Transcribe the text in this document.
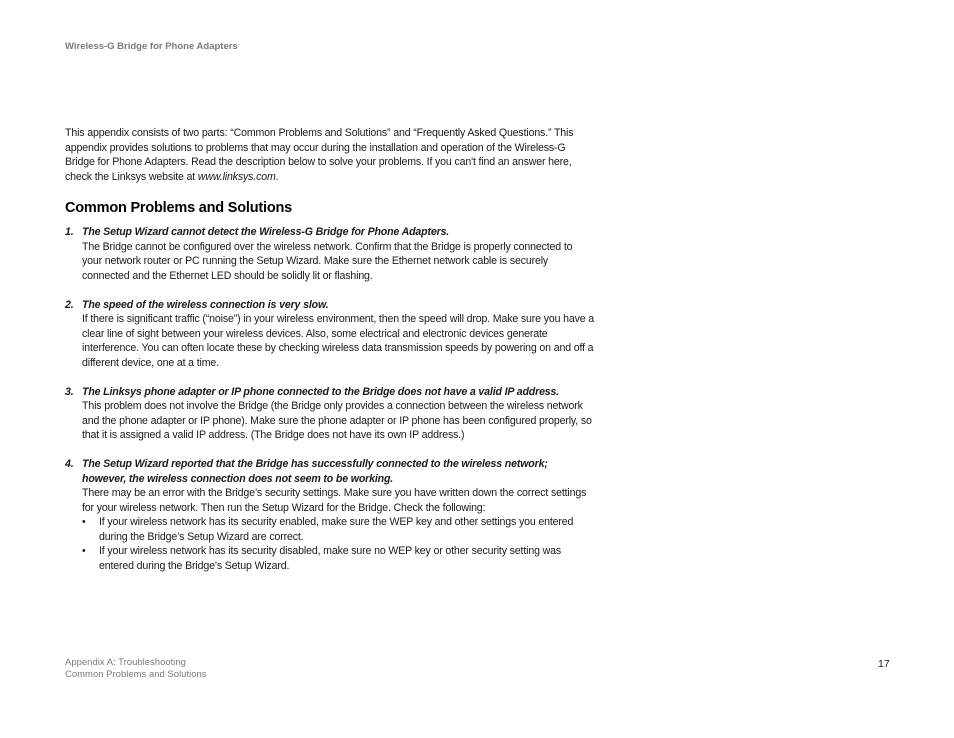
Wireless-G Bridge for Phone Adapters

This appendix consists of two parts: “Common Problems and Solutions” and “Frequently Asked Questions.” This appendix provides solutions to problems that may occur during the installation and operation of the Wireless-G Bridge for Phone Adapters. Read the description below to solve your problems. If you can't find an answer here, check the Linksys website at www.linksys.com.

Common Problems and Solutions
1. The Setup Wizard cannot detect the Wireless-G Bridge for Phone Adapters.

The Bridge cannot be configured over the wireless network. Confirm that the Bridge is properly connected to your network router or PC running the Setup Wizard. Make sure the Ethernet network cable is securely connected and the Ethernet LED should be solidly lit or flashing.

2. The speed of the wireless connection is very slow.

If there is significant traffic (“noise”) in your wireless environment, then the speed will drop. Make sure you have a clear line of sight between your wireless devices. Also, some electrical and electronic devices generate interference. You can often locate these by checking wireless data transmission speeds by powering on and off a different device, one at a time.

3. The Linksys phone adapter or IP phone connected to the Bridge does not have a valid IP address.

This problem does not involve the Bridge (the Bridge only provides a connection between the wireless network and the phone adapter or IP phone). Make sure the phone adapter or IP phone has been configured properly, so that it is assigned a valid IP address. (The Bridge does not have its own IP address.)

4. The Setup Wizard reported that the Bridge has successfully connected to the wireless network;
however, the wireless connection does not seem to be working.

There may be an error with the Bridge’s security settings. Make sure you have written down the correct settings for your wireless network. Then run the Setup Wizard for the Bridge. Check the following:

• If your wireless network has its security enabled, make sure the WEP key and other settings you entered during the Bridge’s Setup Wizard are correct.
• If your wireless network has its security disabled, make sure no WEP key or other security setting was entered during the Bridge’s Setup Wizard.
Appendix A: Troubleshooting
Common Problems and Solutions
17
